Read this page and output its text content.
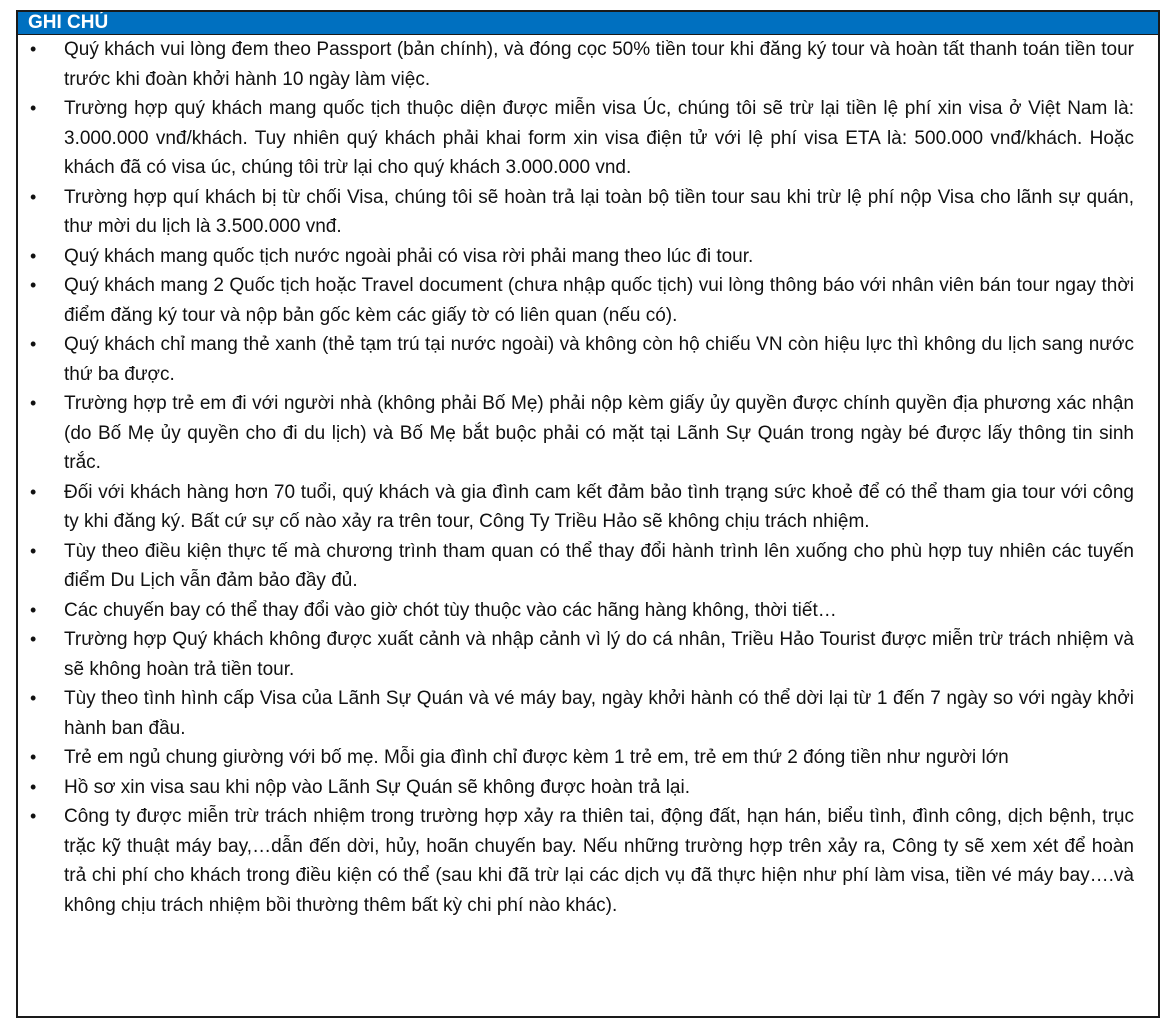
GHI CHÚ
• Quý khách vui lòng đem theo Passport (bản chính), và đóng cọc 50% tiền tour khi đăng ký tour và hoàn tất thanh toán tiền tour trước khi đoàn khởi hành 10 ngày làm việc.
• Trường hợp quý khách mang quốc tịch thuộc diện được miễn visa Úc, chúng tôi sẽ trừ lại tiền lệ phí xin visa ở Việt Nam là: 3.000.000 vnđ/khách. Tuy nhiên quý khách phải khai form xin visa điện tử với lệ phí visa ETA là: 500.000 vnđ/khách. Hoặc khách đã có visa úc, chúng tôi trừ lại cho quý khách 3.000.000 vnd.
• Trường hợp quí khách bị từ chối Visa, chúng tôi sẽ hoàn trả lại toàn bộ tiền tour sau khi trừ lệ phí nộp Visa cho lãnh sự quán, thư mời du lịch là 3.500.000 vnđ.
• Quý khách mang quốc tịch nước ngoài phải có visa rời phải mang theo lúc đi tour.
• Quý khách mang 2 Quốc tịch hoặc Travel document (chưa nhập quốc tịch) vui lòng thông báo với nhân viên bán tour ngay thời điểm đăng ký tour và nộp bản gốc kèm các giấy tờ có liên quan (nếu có).
• Quý khách chỉ mang thẻ xanh (thẻ tạm trú tại nước ngoài) và không còn hộ chiếu VN còn hiệu lực thì không du lịch sang nước thứ ba được.
• Trường hợp trẻ em đi với người nhà (không phải Bố Mẹ) phải nộp kèm giấy ủy quyền được chính quyền địa phương xác nhận (do Bố Mẹ ủy quyền cho đi du lịch) và Bố Mẹ bắt buộc phải có mặt tại Lãnh Sự Quán trong ngày bé được lấy thông tin sinh trắc.
• Đối với khách hàng hơn 70 tuổi, quý khách và gia đình cam kết đảm bảo tình trạng sức khoẻ để có thể tham gia tour với công ty khi đăng ký. Bất cứ sự cố nào xảy ra trên tour, Công Ty Triều Hảo sẽ không chịu trách nhiệm.
• Tùy theo điều kiện thực tế mà chương trình tham quan có thể thay đổi hành trình lên xuống cho phù hợp tuy nhiên các tuyến điểm Du Lịch vẫn đảm bảo đầy đủ.
• Các chuyến bay có thể thay đổi vào giờ chót tùy thuộc vào các hãng hàng không, thời tiết…
• Trường hợp Quý khách không được xuất cảnh và nhập cảnh vì lý do cá nhân, Triều Hảo Tourist được miễn trừ trách nhiệm và sẽ không hoàn trả tiền tour.
• Tùy theo tình hình cấp Visa của Lãnh Sự Quán và vé máy bay, ngày khởi hành có thể dời lại từ 1 đến 7 ngày so với ngày khởi hành ban đầu.
• Trẻ em ngủ chung giường với bố mẹ. Mỗi gia đình chỉ được kèm 1 trẻ em, trẻ em thứ 2 đóng tiền như người lớn
• Hồ sơ xin visa sau khi nộp vào Lãnh Sự Quán sẽ không được hoàn trả lại.
• Công ty được miễn trừ trách nhiệm trong trường hợp xảy ra thiên tai, động đất, hạn hán, biểu tình, đình công, dịch bệnh, trục trặc kỹ thuật máy bay,…dẫn đến dời, hủy, hoãn chuyến bay. Nếu những trường hợp trên xảy ra, Công ty sẽ xem xét để hoàn trả chi phí cho khách trong điều kiện có thể (sau khi đã trừ lại các dịch vụ đã thực hiện như phí làm visa, tiền vé máy bay….và không chịu trách nhiệm bồi thường thêm bất kỳ chi phí nào khác).
